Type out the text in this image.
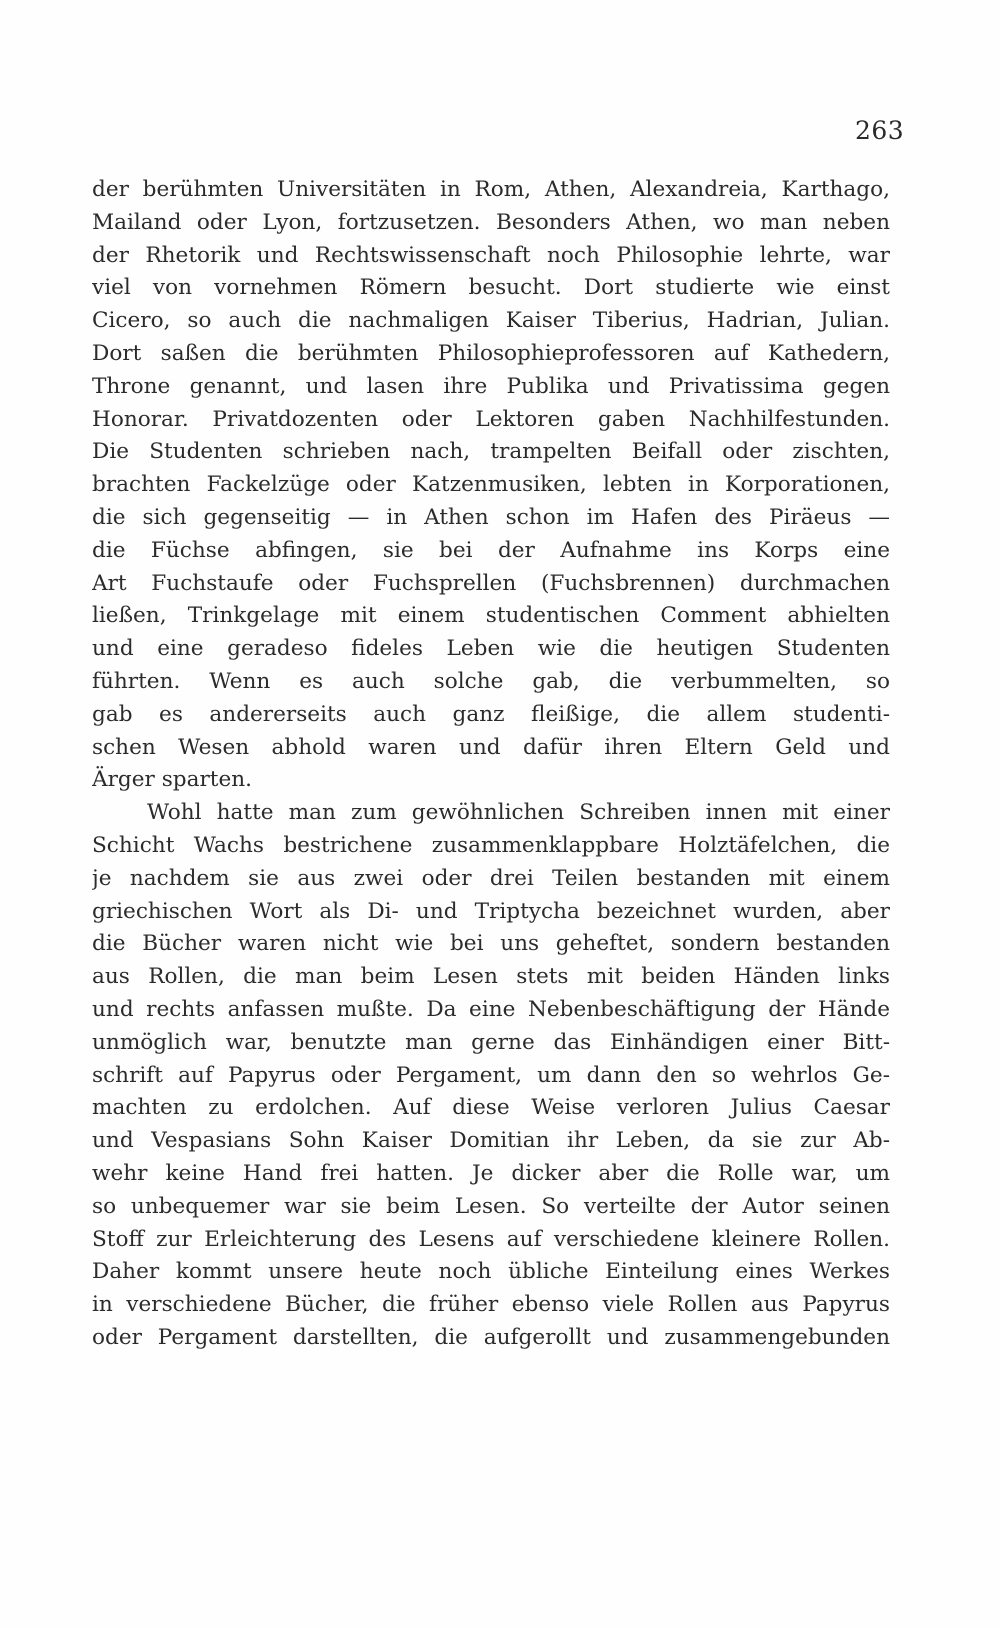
263
der berühmten Universitäten in Rom, Athen, Alexandreia, Karthago,
Mailand oder Lyon, fortzusetzen. Besonders Athen, wo man neben
der Rhetorik und Rechtswissenschaft noch Philosophie lehrte, war
viel von vornehmen Römern besucht. Dort studierte wie einst
Cicero, so auch die nachmaligen Kaiser Tiberius, Hadrian, Julian.
Dort saßen die berühmten Philosophieprofessoren auf Kathedern,
Throne genannt, und lasen ihre Publika und Privatissima gegen
Honorar. Privatdozenten oder Lektoren gaben Nachhilfestunden.
Die Studenten schrieben nach, trampelten Beifall oder zischten,
brachten Fackelzüge oder Katzenmusiken, lebten in Korporationen,
die sich gegenseitig — in Athen schon im Hafen des Piräeus —
die Füchse abfingen, sie bei der Aufnahme ins Korps eine
Art Fuchstaufe oder Fuchsprellen (Fuchsbrennen) durchmachen
ließen, Trinkgelage mit einem studentischen Comment abhielten
und eine geradeso fideles Leben wie die heutigen Studenten
führten. Wenn es auch solche gab, die verbummelten, so
gab es andererseits auch ganz fleißige, die allem studenti-
schen Wesen abhold waren und dafür ihren Eltern Geld und
Ärger sparten.
Wohl hatte man zum gewöhnlichen Schreiben innen mit einer
Schicht Wachs bestrichene zusammenklappbare Holztäfelchen, die
je nachdem sie aus zwei oder drei Teilen bestanden mit einem
griechischen Wort als Di- und Triptycha bezeichnet wurden, aber
die Bücher waren nicht wie bei uns geheftet, sondern bestanden
aus Rollen, die man beim Lesen stets mit beiden Händen links
und rechts anfassen mußte. Da eine Nebenbeschäftigung der Hände
unmöglich war, benutzte man gerne das Einhändigen einer Bitt-
schrift auf Papyrus oder Pergament, um dann den so wehrlos Ge-
machten zu erdolchen. Auf diese Weise verloren Julius Caesar
und Vespasians Sohn Kaiser Domitian ihr Leben, da sie zur Ab-
wehr keine Hand frei hatten. Je dicker aber die Rolle war, um
so unbequemer war sie beim Lesen. So verteilte der Autor seinen
Stoff zur Erleichterung des Lesens auf verschiedene kleinere Rollen.
Daher kommt unsere heute noch übliche Einteilung eines Werkes
in verschiedene Bücher, die früher ebenso viele Rollen aus Papyrus
oder Pergament darstellten, die aufgerollt und zusammengebunden
